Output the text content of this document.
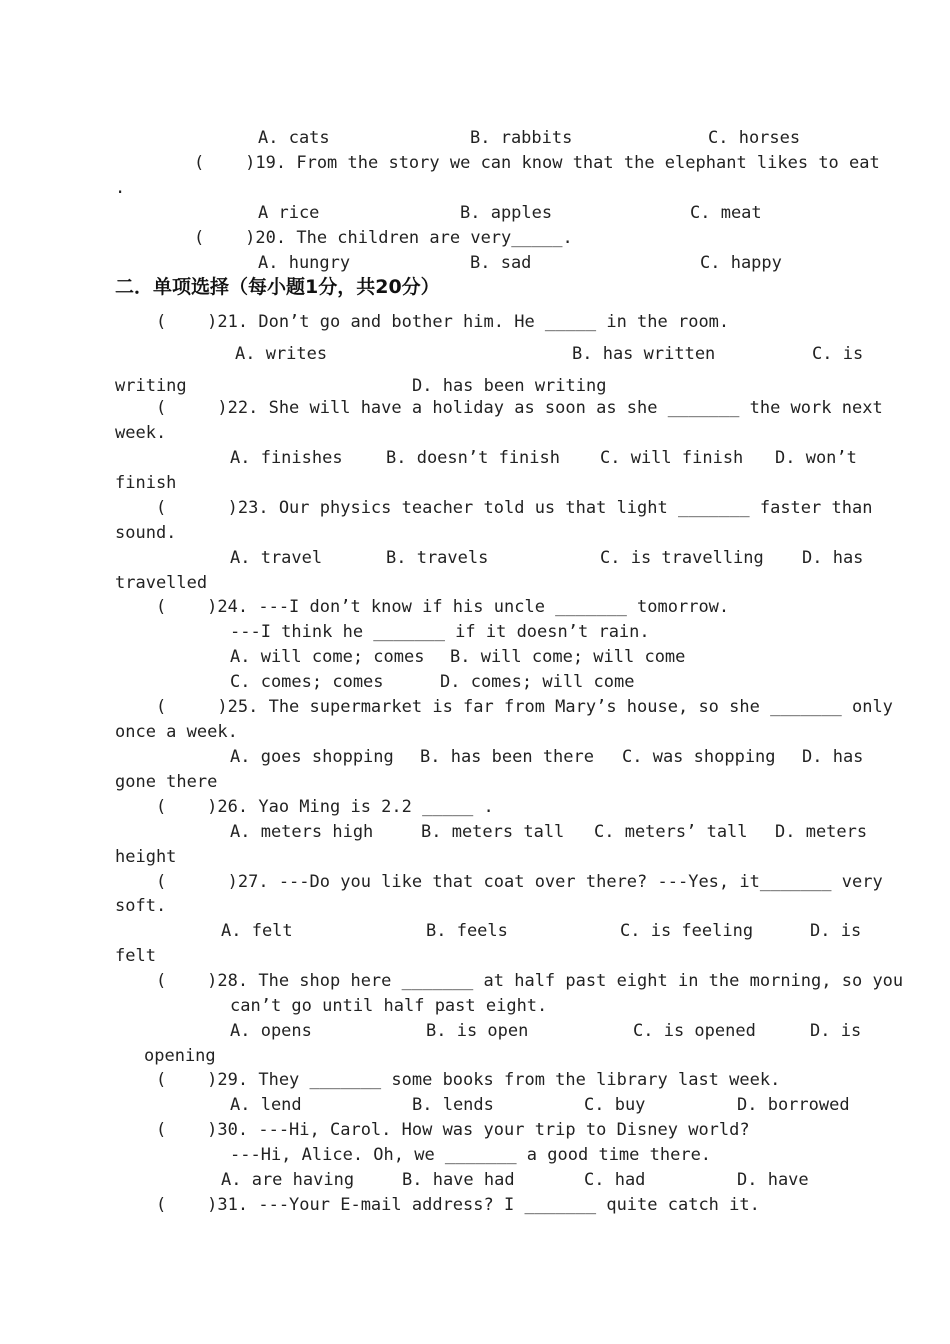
A. cats	B. rabbits	C. horses
(    )19. From the story we can know that the elephant likes to eat
.
A rice	B. apples	C. meat
(    )20. The children are very_____.
A. hungry	B. sad	C. happy
二．单项选择（每小题1分，共20分）
(    )21. Don’t go and bother him. He _____ in the room.
A. writes	B. has written	C. is
writing	D. has been writing
(     )22. She will have a holiday as soon as she _______ the work next
week.
A. finishes	B. doesn’t finish C. will finish D. won’t
finish
(      )23. Our physics teacher told us that light _______ faster than
sound.
A. travel	B. travels	C. is travelling D. has
travelled
(    )24. ---I don’t know if his uncle _______ tomorrow.
---I think he _______ if it doesn’t rain.
A. will come; comes B. will come; will come
C. comes; comes	D. comes; will come
(     )25. The supermarket is far from Mary’s house, so she _______ only
once a week.
A. goes shopping B. has been there C. was shopping D. has
gone there
(    )26. Yao Ming is 2.2 _____ .
A. meters high	B. meters tall C. meters’ tall D. meters
height
(      )27. ---Do you like that coat over there? ---Yes, it_______ very
soft.
A. felt	B. feels	C. is feeling	D. is
felt
(    )28. The shop here _______ at half past eight in the morning, so you
can’t go until half past eight.
A. opens	B. is open	C. is opened	D. is
opening
(    )29. They _______ some books from the library last week.
A. lend	B. lends	C. buy	D. borrowed
(    )30. ---Hi, Carol. How was your trip to Disney world?
---Hi, Alice. Oh, we _______ a good time there.
A. are having	B. have had	C. had	D. have
(    )31. ---Your E-mail address? I _______ quite catch it.
